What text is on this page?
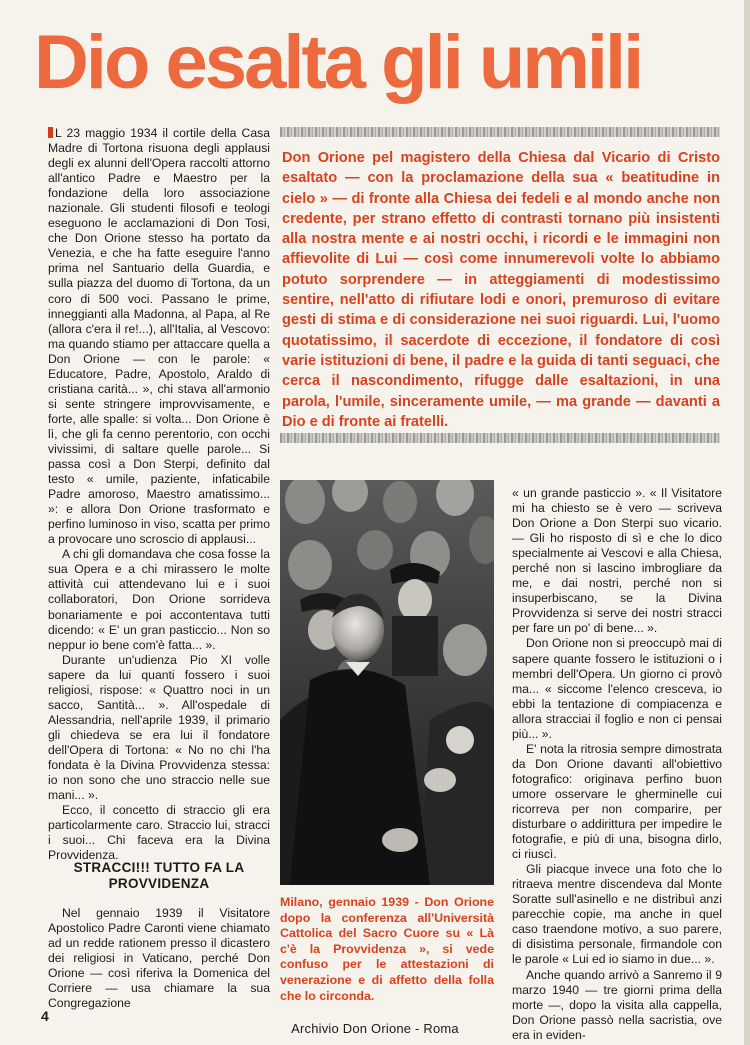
Dio esalta gli umili

L 23 maggio 1934 il cortile della Casa Madre di Tortona risuona degli applausi degli ex alunni dell'Opera raccolti attorno all'antico Padre e Maestro per la fondazione della loro associazione nazionale. Gli studenti filosofi e teologi eseguono le acclamazioni di Don Tosi, che Don Orione stesso ha portato da Venezia, e che ha fatte eseguire l'anno prima nel Santuario della Guardia, e sulla piazza del duomo di Tortona, da un coro di 500 voci. Passano le prime, inneggianti alla Madonna, al Papa, al Re (allora c'era il re!...), all'Italia, al Vescovo: ma quando stiamo per attaccare quella a Don Orione — con le parole: « Educatore, Padre, Apostolo, Araldo di cristiana carità... », chi stava all'armonio si sente stringere improvvisamente, e forte, alle spalle: si volta... Don Orione è lì, che gli fa cenno perentorio, con occhi vivissimi, di saltare quelle parole... Si passa così a Don Sterpi, definito dal testo « umile, paziente, infaticabile Padre amoroso, Maestro amatissimo... »: e allora Don Orione trasformato e perfino luminoso in viso, scatta per primo a provocare uno scroscio di applausi...

A chi gli domandava che cosa fosse la sua Opera e a chi mirassero le molte attività cui attendevano lui e i suoi collaboratori, Don Orione sorrideva bonariamente e poi accontentava tutti dicendo: « E' un gran pasticcio... Non so neppur io bene com'è fatta... ».

Durante un'udienza Pio XI volle sapere da lui quanti fossero i suoi religiosi, rispose: « Quattro noci in un sacco, Santità... ». All'ospedale di Alessandria, nell'aprile 1939, il primario gli chiedeva se era lui il fondatore dell'Opera di Tortona: « No no chi l'ha fondata è la Divina Provvidenza stessa: io non sono che uno straccio nelle sue mani... ».

Ecco, il concetto di straccio gli era particolarmente caro. Straccio lui, stracci i suoi... Chi faceva era la Divina Provvidenza.

STRACCI!!! TUTTO FA LA PROVVIDENZA

Nel gennaio 1939 il Visitatore Apostolico Padre Caronti viene chiamato ad un redde rationem presso il dicastero dei religiosi in Vaticano, perché Don Orione — così riferiva la Domenica del Corriere — usa chiamare la sua Congregazione

Don Orione pel magistero della Chiesa dal Vicario di Cristo esaltato — con la proclamazione della sua « beatitudine in cielo » — di fronte alla Chiesa dei fedeli e al mondo anche non credente, per strano effetto di contrasti tornano più insistenti alla nostra mente e ai nostri occhi, i ricordi e le immagini non affievolite di Lui — così come innumerevoli volte lo abbiamo potuto sorprendere — in atteggiamenti di modestissimo sentire, nell'atto di rifiutare lodi e onori, premuroso di evitare gesti di stima e di considerazione nei suoi riguardi. Lui, l'uomo quotatissimo, il sacerdote di eccezione, il fondatore di così varie istituzioni di bene, il padre e la guida di tanti seguaci, che cerca il nascondimento, rifugge dalle esaltazioni, in una parola, l'umile, sinceramente umile, — ma grande — davanti a Dio e di fronte ai fratelli.
Milano, gennaio 1939 - Don Orione dopo la conferenza all'Università Cattolica del Sacro Cuore su « Là c'è la Provvidenza », si vede confuso per le attestazioni di venerazione e di affetto della folla che lo circonda.

« un grande pasticcio ». « Il Visitatore mi ha chiesto se è vero — scriveva Don Orione a Don Sterpi suo vicario. — Gli ho risposto di sì e che lo dico specialmente ai Vescovi e alla Chiesa, perché non si lascino imbrogliare da me, e dai nostri, perché non si insuperbiscano, se la Divina Provvidenza si serve dei nostri stracci per fare un po' di bene... ».

Don Orione non si preoccupò mai di sapere quante fossero le istituzioni o i membri dell'Opera. Un giorno ci provò ma... « siccome l'elenco cresceva, io ebbi la tentazione di compiacenza e allora stracciai il foglio e non ci pensai più... ».

E' nota la ritrosia sempre dimostrata da Don Orione davanti all'obiettivo fotografico: originava perfino buon umore osservare le gherminelle cui ricorreva per non comparire, per disturbare o addirittura per impedire le fotografie, e più di una, bisogna dirlo, ci riuscì.

Gli piacque invece una foto che lo ritraeva mentre discendeva dal Monte Soratte sull'asinello e ne distribuì anzi parecchie copie, ma anche in quel caso traendone motivo, a suo parere, di disistima personale, firmandole con le parole « Lui ed io siamo in due... ».

Anche quando arrivò a Sanremo il 9 marzo 1940 — tre giorni prima della morte —, dopo la visita alla cappella, Don Orione passò nella sacristia, ove era in eviden-

4
Archivio Don Orione - Roma
